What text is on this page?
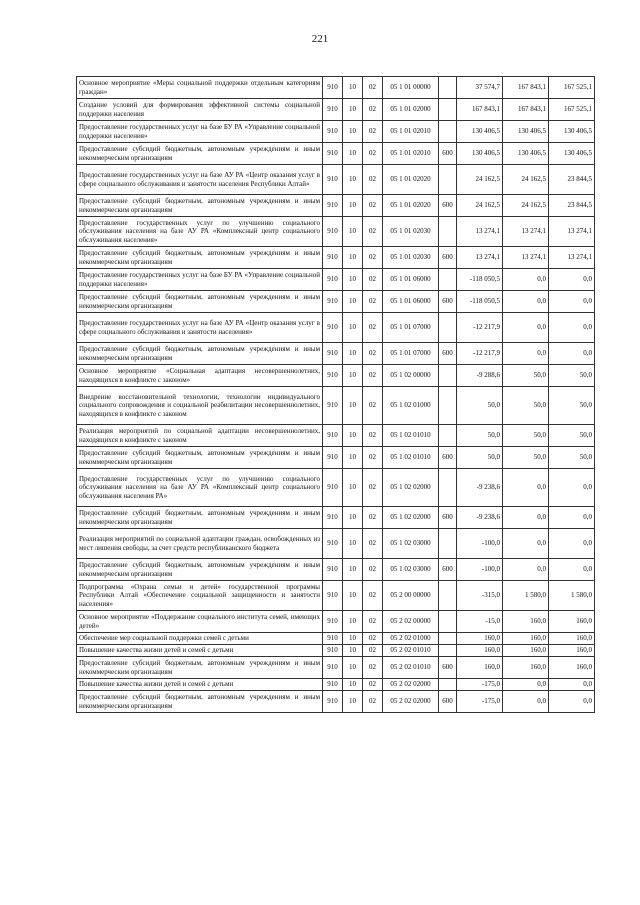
221
Основное мероприятие «Меры социальной поддержки отдельным категориям граждан»	910	10	02	05 1 01 00000		37 574,7	167 843,1	167 525,1
Создание условий для формирования эффективной системы социальной поддержки населения	910	10	02	05 1 01 02000		167 843,1	167 843,1	167 525,1
Предоставление государственных услуг на базе БУ РА «Управление социальной поддержки населения»	910	10	02	05 1 01 02010		130 406,5	130 406,5	130 406,5
Предоставление субсидий бюджетным, автономным учреждениям и иным некоммерческим организациям	910	10	02	05 1 01 02010	600	130 406,5	130 406,5	130 406,5
Предоставление государственных услуг на базе АУ РА «Центр оказания услуг в сфере социального обслуживания и занятости населения Республики Алтай»	910	10	02	05 1 01 02020		24 162,5	24 162,5	23 844,5
Предоставление субсидий бюджетным, автономным учреждениям и иным некоммерческим организациям	910	10	02	05 1 01 02020	600	24 162,5	24 162,5	23 844,5
Предоставление государственных услуг по улучшению социального обслуживания населения на базе АУ РА «Комплексный центр социального обслуживания населения»	910	10	02	05 1 01 02030		13 274,1	13 274,1	13 274,1
Предоставление субсидий бюджетным, автономным учреждениям и иным некоммерческим организациям	910	10	02	05 1 01 02030	600	13 274,1	13 274,1	13 274,1
Предоставление государственных услуг на базе БУ РА «Управление социальной поддержки населения»	910	10	02	05 1 01 06000		-118 050,5	0,0	0,0
Предоставление субсидий бюджетным, автономным учреждениям и иным некоммерческим организациям	910	10	02	05 1 01 06000	600	-118 050,5	0,0	0,0
Предоставление государственных услуг на базе АУ РА «Центр оказания услуг в сфере социального обслуживания и занятости населения»	910	10	02	05 1 01 07000		-12 217,9	0,0	0,0
Предоставление субсидий бюджетным, автономным учреждениям и иным некоммерческим организациям	910	10	02	05 1 01 07000	600	-12 217,9	0,0	0,0
Основное мероприятие «Социальная адаптация несовершеннолетних, находящихся в конфликте с законом»	910	10	02	05 1 02 00000		-9 288,6	50,0	50,0
Внедрение восстановительной технологии, технологии индивидуального социального сопровождения и социальной реабилитации несовершеннолетних, находящихся в конфликте с законом	910	10	02	05 1 02 01000		50,0	50,0	50,0
Реализация мероприятий по социальной адаптации несовершеннолетних, находящихся в конфликте с законом	910	10	02	05 1 02 01010		50,0	50,0	50,0
Предоставление субсидий бюджетным, автономным учреждениям и иным некоммерческим организациям	910	10	02	05 1 02 01010	600	50,0	50,0	50,0
Предоставление государственных услуг по улучшению социального обслуживания населения на базе АУ РА «Комплексный центр социального обслуживания населения РА»	910	10	02	05 1 02 02000		-9 238,6	0,0	0,0
Предоставление субсидий бюджетным, автономным учреждениям и иным некоммерческим организациям	910	10	02	05 1 02 02000	600	-9 238,6	0,0	0,0
Реализация мероприятий по социальной адаптации граждан, освобожденных из мест лишения свободы, за счет средств республиканского бюджета	910	10	02	05 1 02 03000		-100,0	0,0	0,0
Предоставление субсидий бюджетным, автономным учреждениям и иным некоммерческим организациям	910	10	02	05 1 02 03000	600	-100,0	0,0	0,0
Подпрограмма «Охрана семьи и детей» государственной программы Республики Алтай «Обеспечение социальной защищенности и занятости населения»	910	10	02	05 2 00 00000		-315,0	1 580,0	1 580,0
Основное мероприятие «Поддержание социального института семей, имеющих детей»	910	10	02	05 2 02 00000		-15,0	160,0	160,0
Обеспечение мер социальной поддержки семей с детьми	910	10	02	05 2 02 01000		160,0	160,0	160,0
Повышение качества жизни детей и семей с детьми	910	10	02	05 2 02 01010		160,0	160,0	160,0
Предоставление субсидий бюджетным, автономным учреждениям и иным некоммерческим организациям	910	10	02	05 2 02 01010	600	160,0	160,0	160,0
Повышение качества жизни детей и семей с детьми	910	10	02	05 2 02 02000		-175,0	0,0	0,0
Предоставление субсидий бюджетным, автономным учреждениям и иным некоммерческим организациям	910	10	02	05 2 02 02000	600	-175,0	0,0	0,0
